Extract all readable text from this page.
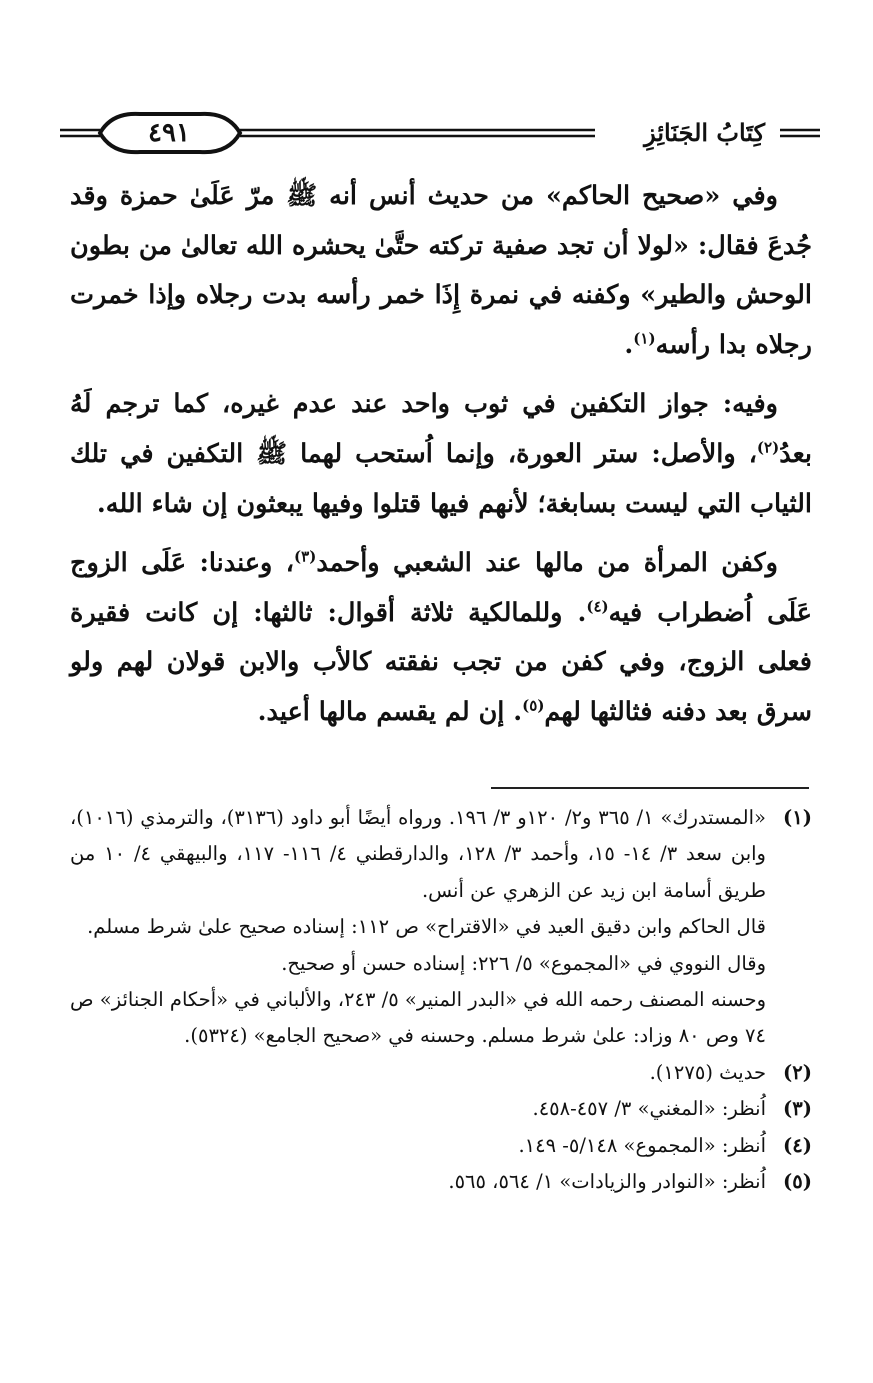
٤٩١	كِتَابُ الجَنَائِزِ

وفي «صحيح الحاكم» من حديث أنس أنه ﷺ مرّ عَلَىٰ حمزة وقد جُدعَ فقال: «لولا أن تجد صفية تركته حتَّىٰ يحشره الله تعالىٰ من بطون الوحش والطير» وكفنه في نمرة إِذَا خمر رأسه بدت رجلاه وإذا خمرت رجلاه بدا رأسه$^{(١)}$.

وفيه: جواز التكفين في ثوب واحد عند عدم غيره، كما ترجم لَهُ بعدُ$^{(٢)}$، والأصل: ستر العورة، وإنما اُستحب لهما ﷺ التكفين في تلك الثياب التي ليست بسابغة؛ لأنهم فيها قتلوا وفيها يبعثون إن شاء الله.

وكفن المرأة من مالها عند الشعبي وأحمد$^{(٣)}$، وعندنا: عَلَى الزوج عَلَى اُضطراب فيه$^{(٤)}$. وللمالكية ثلاثة أقوال: ثالثها: إن كانت فقيرة فعلى الزوج، وفي كفن من تجب نفقته كالأب والابن قولان لهم ولو سرق بعد دفنه فثالثها لهم$^{(٥)}$. إن لم يقسم مالها أعيد.

(١)
«المستدرك» ١/ ٣٦٥ و٢/ ١٢٠و ٣/ ١٩٦. ورواه أيضًا أبو داود (٣١٣٦)، والترمذي (١٠١٦)، وابن سعد ٣/ ١٤- ١٥، وأحمد ٣/ ١٢٨، والدارقطني ٤/ ١١٦- ١١٧، والبيهقي ٤/ ١٠ من طريق أسامة ابن زيد عن الزهري عن أنس.
قال الحاكم وابن دقيق العيد في «الاقتراح» ص ١١٢: إسناده صحيح علىٰ شرط مسلم.
وقال النووي في «المجموع» ٥/ ٢٢٦: إسناده حسن أو صحيح.
وحسنه المصنف رحمه الله في «البدر المنير» ٥/ ٢٤٣، والألباني في «أحكام الجنائز» ص ٧٤ وص ٨٠ وزاد: علىٰ شرط مسلم. وحسنه في «صحيح الجامع» (٥٣٢٤).
(٢)
حديث (١٢٧٥).
(٣)
اُنظر: «المغني» ٣/ ٤٥٧-٤٥٨.
(٤)
اُنظر: «المجموع» ٥/١٤٨- ١٤٩.
(٥)
اُنظر: «النوادر والزيادات» ١/ ٥٦٤، ٥٦٥.
